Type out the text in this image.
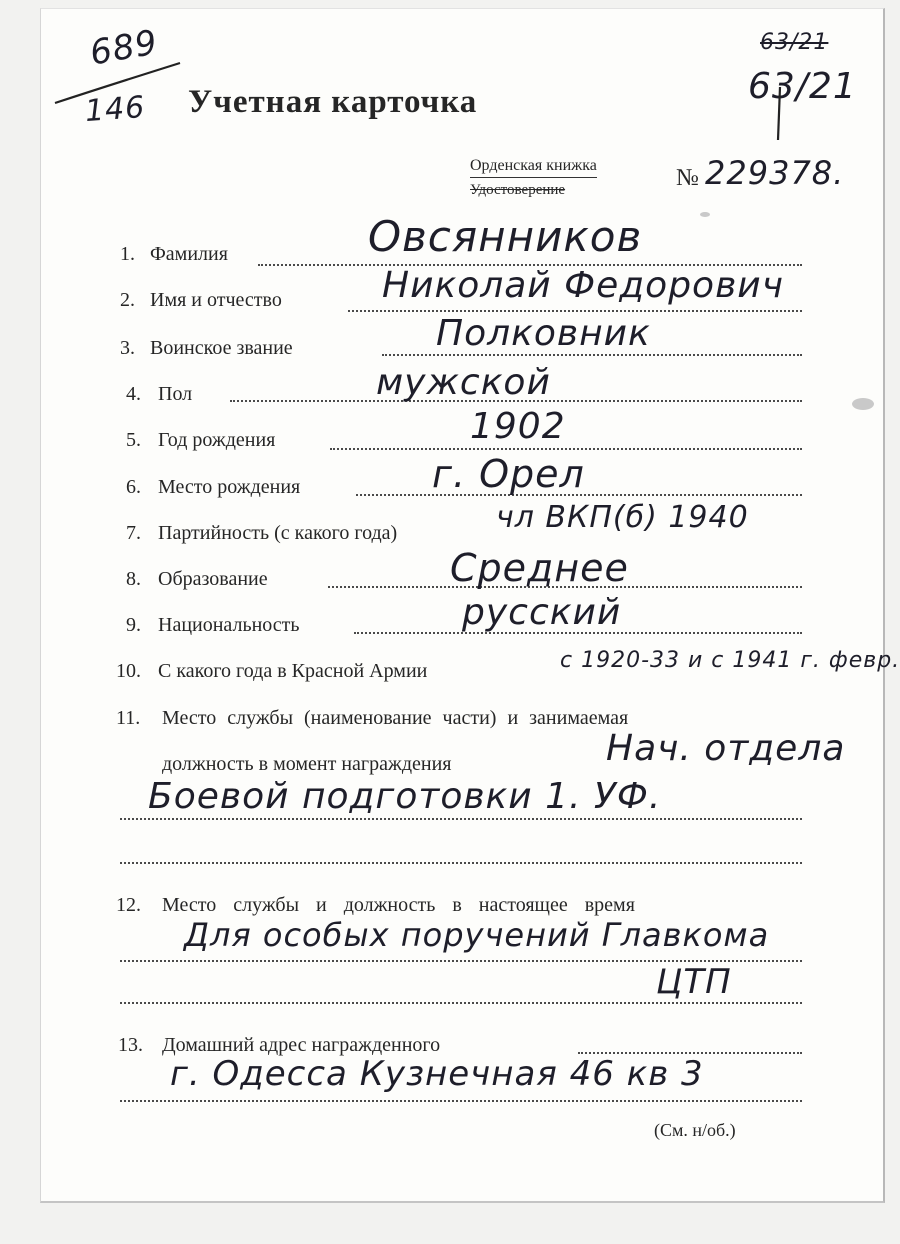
689
146
63/21
63/21
Учетная карточка
Орденская книжка
Удостоверение	№ 229378.
1. Фамилия	Овсянников
2. Имя и отчество	Николай Федорович
3. Воинское звание	Полковник
4. Пол	мужской
5. Год рождения	1902
6. Место рождения	г. Орел
7. Партийность (с какого года)	чл ВКП(б) 1940
8. Образование	Среднее
9. Национальность	русский
10. С какого года в Красной Армии	с 1920-33 и с 1941 г. февр.
11. Место службы (наименование части) и занимаемая
должность в момент награждения	Нач. отдела
Боевой подготовки 1. УФ.
12. Место службы и должность в настоящее время
Для особых поручений Главкома
ЦТП
13. Домашний адрес награжденного
г. Одесса Кузнечная 46 кв 3
(См. н/об.)
